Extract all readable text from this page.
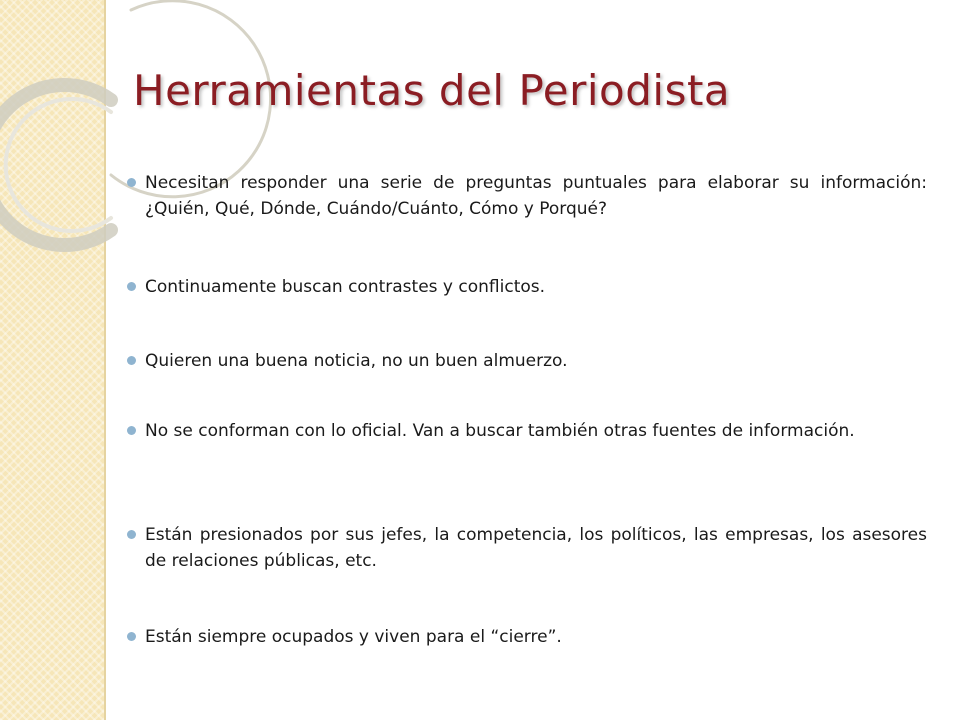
Herramientas del Periodista
Necesitan responder una serie de preguntas puntuales para elaborar su información: ¿Quién, Qué, Dónde, Cuándo/Cuánto, Cómo y Porqué?
Continuamente buscan contrastes y conflictos.
Quieren una buena noticia, no un buen almuerzo.
No se conforman con lo oficial. Van a buscar también otras fuentes de información.
Están presionados por sus jefes, la competencia, los políticos, las empresas, los asesores de relaciones públicas, etc.
Están siempre ocupados y viven para el “cierre”.
